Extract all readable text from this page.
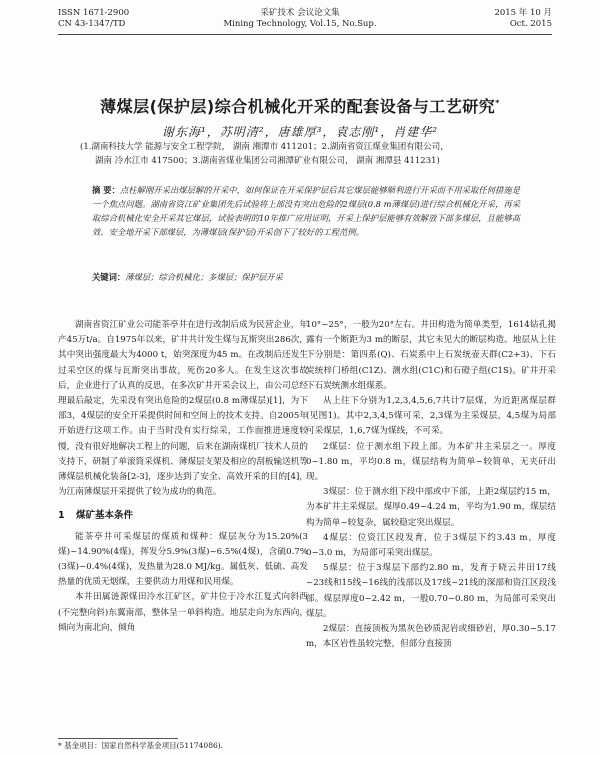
ISSN 1671-2900
CN 43-1347/TD
采矿技术 会议论文集
Mining Technology, Vol.15, No.Sup.
2015 年 10 月
Oct. 2015
薄煤层(保护层)综合机械化开采的配套设备与工艺研究*
谢东海¹，苏明清²，唐雄厚³，袁志刚¹，肖建华²
(1.湖南科技大学 能源与安全工程学院， 湖南 湘潭市 411201；2.湖南省资江煤业集团有限公司，
湖南 冷水江市 417500；3.湖南省煤业集团公司湘潭矿业有限公司， 湖南 湘潭县 411231)
摘 要：点柱解刚开采出煤层解的开采中，如何保证在开采保护层后其它煤层能够顺利进行开采而不用采取任何措施是一个焦点问题。湖南省资江矿业集团先后试验将上部没有突出危险的2煤层(0.8 m薄煤层)进行综合机械化开采，再采取综合机械化安全开采其它煤层，试验表明的10年推广应用证明，开采上保护层能够有效解放下部多煤层，且能够高效、安全地开采下部煤层，为薄煤层(保护层)开采创下了较好的工程范例。
关键词：薄煤层；综合机械化；多煤层；保护层开采

湖南省资江矿业公司能茶亭井在进行改制后成为民营企业，年产45万t/a。自1975年以来，矿井共计发生煤与瓦斯突出286次，其中突出强度最大为4000 t，始突深度为45 m。在改制后还发生过采空区的煤与瓦斯突出事故，死伤20多人。在发生这次事故后，企业进行了认真的反思，在多次矿井开采会议上，由公司总经理最后敲定，先采没有突出危险的2煤层(0.8 m薄煤层)[1]，为下部3，4煤层的安全开采提供时间和空间上的技术支持。自2005年开始进行这项工作。由于当时没有实行综采，工作面推进速度较慢，没有很好地解决工程上的问题，后来在湖南煤机厂技术人员的支持下，研制了单滚筒采煤机、薄煤层支架及相应的刮板输送机等薄煤层机械化装备[2-3]，逐步达到了安全、高效开采的目的[4]，为江南薄煤层开采提供了较为成功的典范。

1 煤矿基本条件

能茶亭井可采煤层的煤质和煤种：煤层灰分为15.20%(3煤)~14.90%(4煤)，挥发分5.9%(3煤)~6.5%(4煤)，含硫0.7%(3煤)~0.4%(4煤)，发热量为28.0 MJ/kg。属低灰、低硫、高发热量的优质无烟煤，主要供动力用煤和民用煤。

本井田属涟源煤田冷水江矿区，矿井位于冷水江复式向斜西(不完整向斜)东翼南部，整体呈一单斜构造。地层走向为东西向，倾向为南北向，倾角

10°~25°，一般为20°左右。井田构造为简单类型，1614钻孔揭露有一个断距为3 m的断层，其它未见大的断层构造。地层从上往下分别是：第四系(Q)、石炭系中上石炭统壶天群(C2+3)、下石炭统梓门桥组(C1Z)、测水组(C1C)和石磴子组(C1S)。矿井开采下石炭统测水组煤系。

从上往下分别为1,2,3,4,5,6,7共计7层煤，为近距离煤层群(见图1)。其中2,3,4,5煤可采，2,3煤为主采煤层，4,5煤为局部可采煤层，1,6,7煤为煤线，不可采。

2煤层：位于测水组下段上部。为本矿井主采层之一。厚度0~1.80 m，平均0.8 m，煤层结构为简单~较简单，无夹矸出现。

3煤层：位于测水组下段中部或中下部，上距2煤层约15 m，为本矿井主采煤层。煤厚0.49~4.24 m，平均为1.90 m，煤层结构为简单~较复杂，属较稳定突出煤层。

4煤层：位资江区段发育，位于3煤层下约3.43 m，厚度0~3.0 m，为局部可采突出煤层。

5煤层：位于3煤层下部约2.80 m，发育于晓云井田17线~23线和15线~16线的浅部以及17线~21线的深部和资江区段浅部。煤层厚度0~2.42 m，一般0.70~0.80 m，为局部可采突出煤层。

2煤层：直接顶板为黑灰色砂质泥岩或细砂岩，厚0.30~5.17 m，本区岩性虽较完整，但部分直接顶

* 基金项目：国家自然科学基金项目(51174086).
